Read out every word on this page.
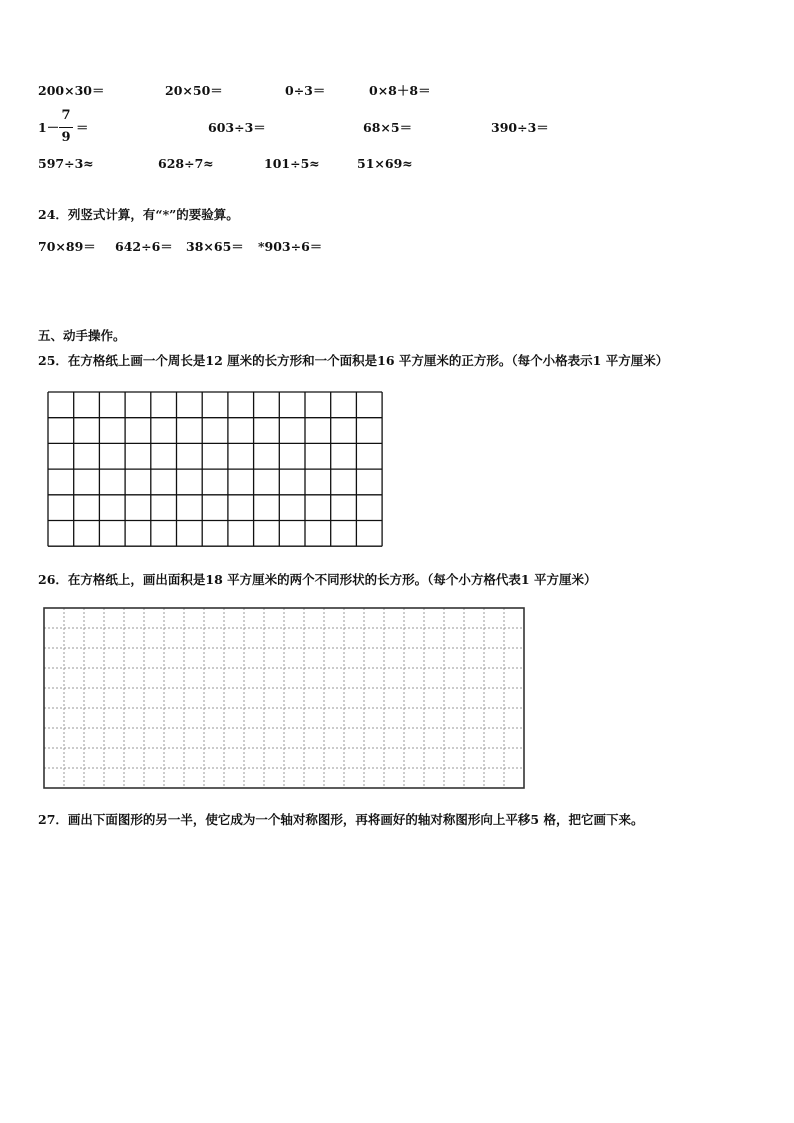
200×30＝	20×50＝	0÷3＝	0×8＋8＝
1－
7
9
＝	603÷3＝	68×5＝	390÷3＝
597÷3≈	628÷7≈	101÷5≈	51×69≈
24．列竖式计算，有“*”的要验算。
70×89＝ 642÷6＝ 38×65＝ *903÷6＝
五、动手操作。
25．在方格纸上画一个周长是12 厘米的长方形和一个面积是16 平方厘米的正方形。（每个小格表示1 平方厘米）
26．在方格纸上，画出面积是18 平方厘米的两个不同形状的长方形。（每个小方格代表1 平方厘米）
27．画出下面图形的另一半，使它成为一个轴对称图形，再将画好的轴对称图形向上平移5 格，把它画下来。
